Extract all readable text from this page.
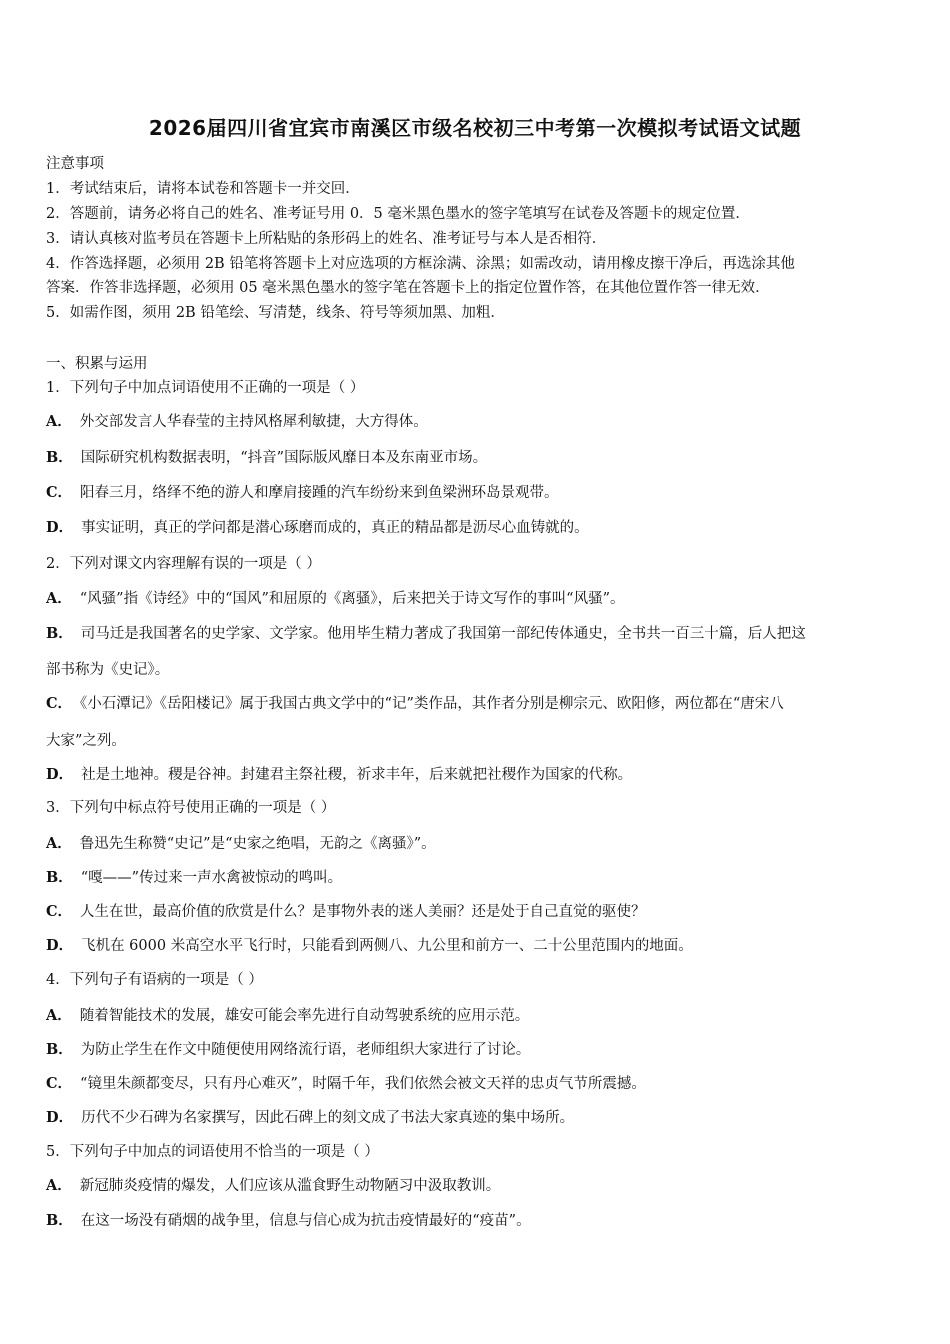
2026届四川省宜宾市南溪区市级名校初三中考第一次模拟考试语文试题
注意事项
1．考试结束后，请将本试卷和答题卡一并交回．
2．答题前，请务必将自己的姓名、准考证号用 0．5 毫米黑色墨水的签字笔填写在试卷及答题卡的规定位置．
3．请认真核对监考员在答题卡上所粘贴的条形码上的姓名、准考证号与本人是否相符．
4．作答选择题，必须用 2B 铅笔将答题卡上对应选项的方框涂满、涂黑；如需改动，请用橡皮擦干净后，再选涂其他
答案．作答非选择题，必须用 05 毫米黑色墨水的签字笔在答题卡上的指定位置作答，在其他位置作答一律无效．
5．如需作图，须用 2B 铅笔绘、写清楚，线条、符号等须加黑、加粗．
一、积累与运用
1．下列句子中加点词语使用不正确的一项是（ ）
A． 外交部发言人华春莹的主持风格犀利敏捷，大方得体。
B． 国际研究机构数据表明，“抖音”国际版风靡日本及东南亚市场。
C． 阳春三月，络绎不绝的游人和摩肩接踵的汽车纷纷来到鱼梁洲环岛景观带。
D． 事实证明，真正的学问都是潜心琢磨而成的，真正的精品都是沥尽心血铸就的。
2．下列对课文内容理解有误的一项是（ ）
A． “风骚”指《诗经》中的“国风”和屈原的《离骚》，后来把关于诗文写作的事叫“风骚”。
B． 司马迁是我国著名的史学家、文学家。他用毕生精力著成了我国第一部纪传体通史，全书共一百三十篇，后人把这
部书称为《史记》。
C． 《小石潭记》《岳阳楼记》属于我国古典文学中的“记”类作品，其作者分别是柳宗元、欧阳修，两位都在“唐宋八
大家”之列。
D． 社是土地神。稷是谷神。封建君主祭社稷，祈求丰年，后来就把社稷作为国家的代称。
3．下列句中标点符号使用正确的一项是（ ）
A． 鲁迅先生称赞“史记”是“史家之绝唱，无韵之《离骚》”。
B． “嘎——”传过来一声水禽被惊动的鸣叫。
C． 人生在世，最高价值的欣赏是什么？是事物外表的迷人美丽？还是处于自己直觉的驱使？
D． 飞机在 6000 米高空水平飞行时，只能看到两侧八、九公里和前方一、二十公里范围内的地面。
4．下列句子有语病的一项是（ ）
A． 随着智能技术的发展，雄安可能会率先进行自动驾驶系统的应用示范。
B． 为防止学生在作文中随便使用网络流行语，老师组织大家进行了讨论。
C． “镜里朱颜都变尽，只有丹心难灭”，时隔千年，我们依然会被文天祥的忠贞气节所震撼。
D． 历代不少石碑为名家撰写，因此石碑上的刻文成了书法大家真迹的集中场所。
5．下列句子中加点的词语使用不恰当的一项是（ ）
A． 新冠肺炎疫情的爆发，人们应该从滥食野生动物陋习中汲取教训。
B． 在这一场没有硝烟的战争里，信息与信心成为抗击疫情最好的“疫苗”。
